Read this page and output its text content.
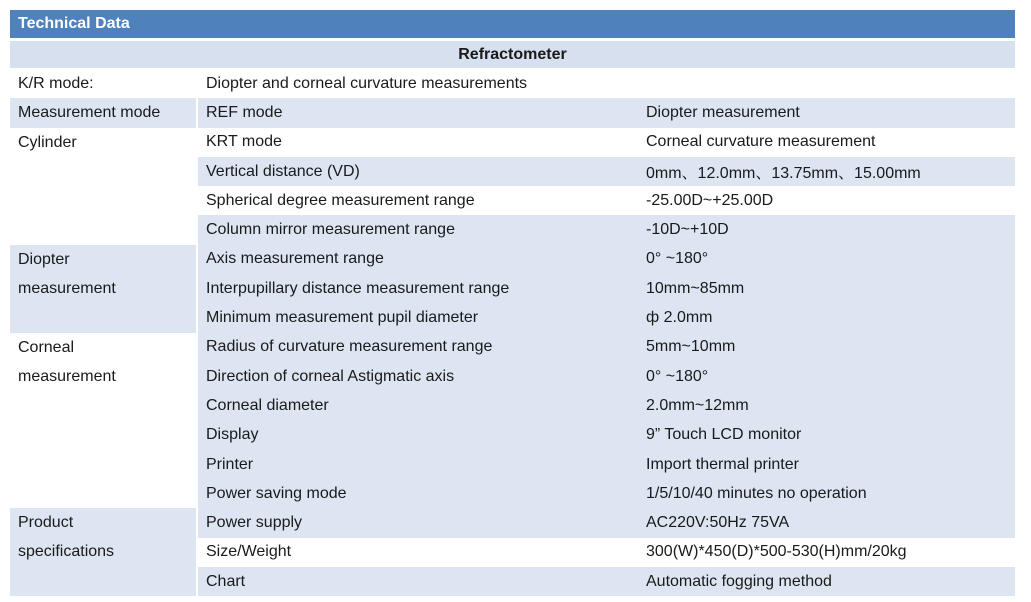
Technical Data
Refractometer
K/R mode:	Diopter and corneal curvature measurements	
Measurement mode	REF mode	Diopter measurement
Cylinder	KRT mode	Corneal curvature measurement
	Vertical distance (VD)	0mm、12.0mm、13.75mm、15.00mm
	Spherical degree measurement range	-25.00D~+25.00D
	Column mirror measurement range	-10D~+10D

Diopter
measurement	Axis measurement range	0° ~180°
	Interpupillary distance measurement range	10mm~85mm
	Minimum measurement pupil diameter	ф 2.0mm

Corneal
measurement	Radius of curvature measurement range	5mm~10mm
	Direction of corneal Astigmatic axis	0° ~180°
	Corneal diameter	2.0mm~12mm
	Display	9” Touch LCD monitor
	Printer	Import thermal printer
	Power saving mode	1/5/10/40 minutes no operation

Product
specifications	Power supply	AC220V:50Hz 75VA
	Size/Weight	300(W)*450(D)*500-530(H)mm/20kg
	Chart	Automatic fogging method
